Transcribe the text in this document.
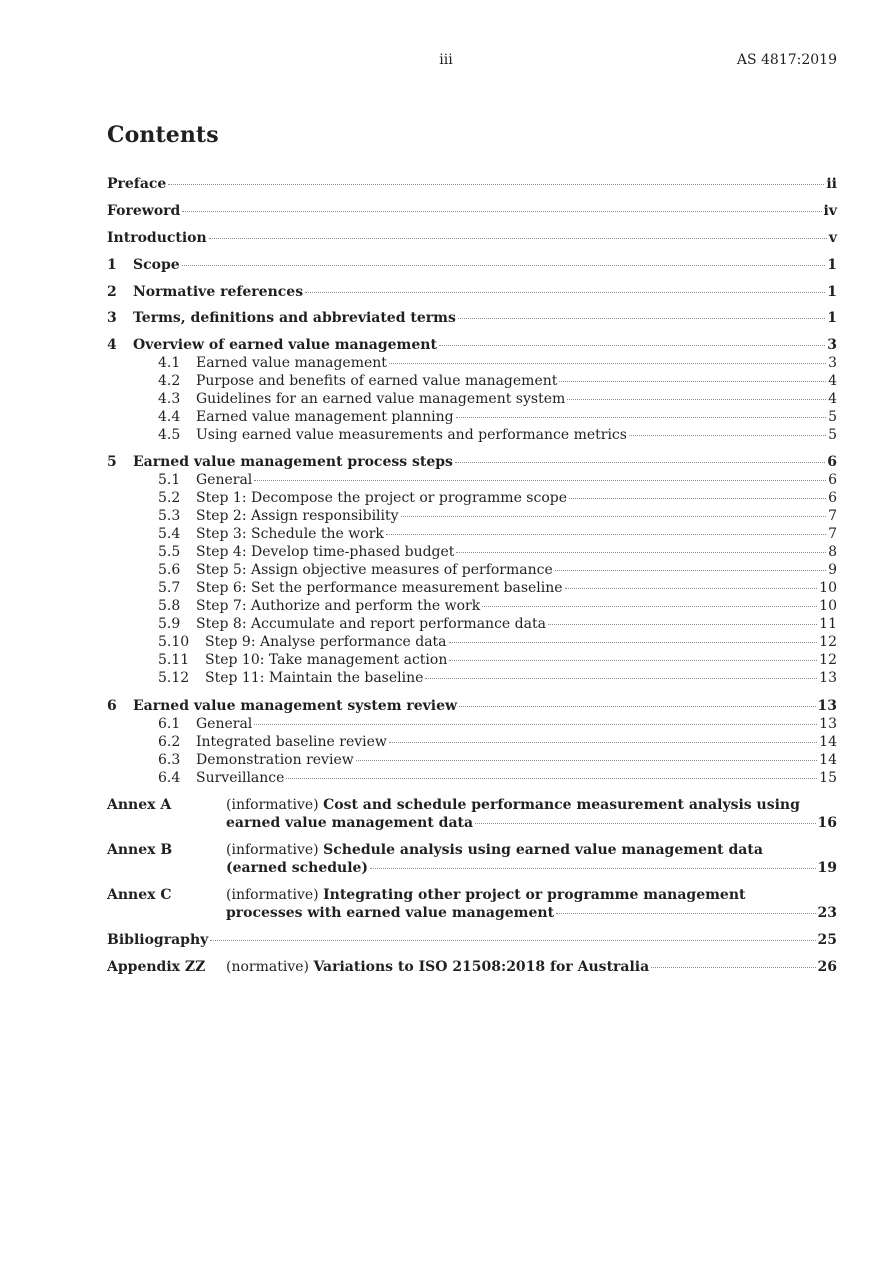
iii	AS 4817:2019
Contents
Preface	ii
Foreword	iv
Introduction	v
1 Scope	1
2 Normative references	1
3 Terms, definitions and abbreviated terms	1
4 Overview of earned value management	3
4.1 Earned value management	3
4.2 Purpose and benefits of earned value management	4
4.3 Guidelines for an earned value management system	4
4.4 Earned value management planning	5
4.5 Using earned value measurements and performance metrics	5
5 Earned value management process steps	6
5.1 General	6
5.2 Step 1: Decompose the project or programme scope	6
5.3 Step 2: Assign responsibility	7
5.4 Step 3: Schedule the work	7
5.5 Step 4: Develop time-phased budget	8
5.6 Step 5: Assign objective measures of performance	9
5.7 Step 6: Set the performance measurement baseline	10
5.8 Step 7: Authorize and perform the work	10
5.9 Step 8: Accumulate and report performance data	11
5.10 Step 9: Analyse performance data	12
5.11 Step 10: Take management action	12
5.12 Step 11: Maintain the baseline	13
6 Earned value management system review	13
6.1 General	13
6.2 Integrated baseline review	14
6.3 Demonstration review	14
6.4 Surveillance	15
Annex A	(informative) Cost and schedule performance measurement analysis using
earned value management data	16
Annex B	(informative) Schedule analysis using earned value management data
(earned schedule)	19
Annex C	(informative) Integrating other project or programme management
processes with earned value management	23
Bibliography	25
Appendix ZZ (normative)
Variations to ISO 21508:2018 for Australia	26
